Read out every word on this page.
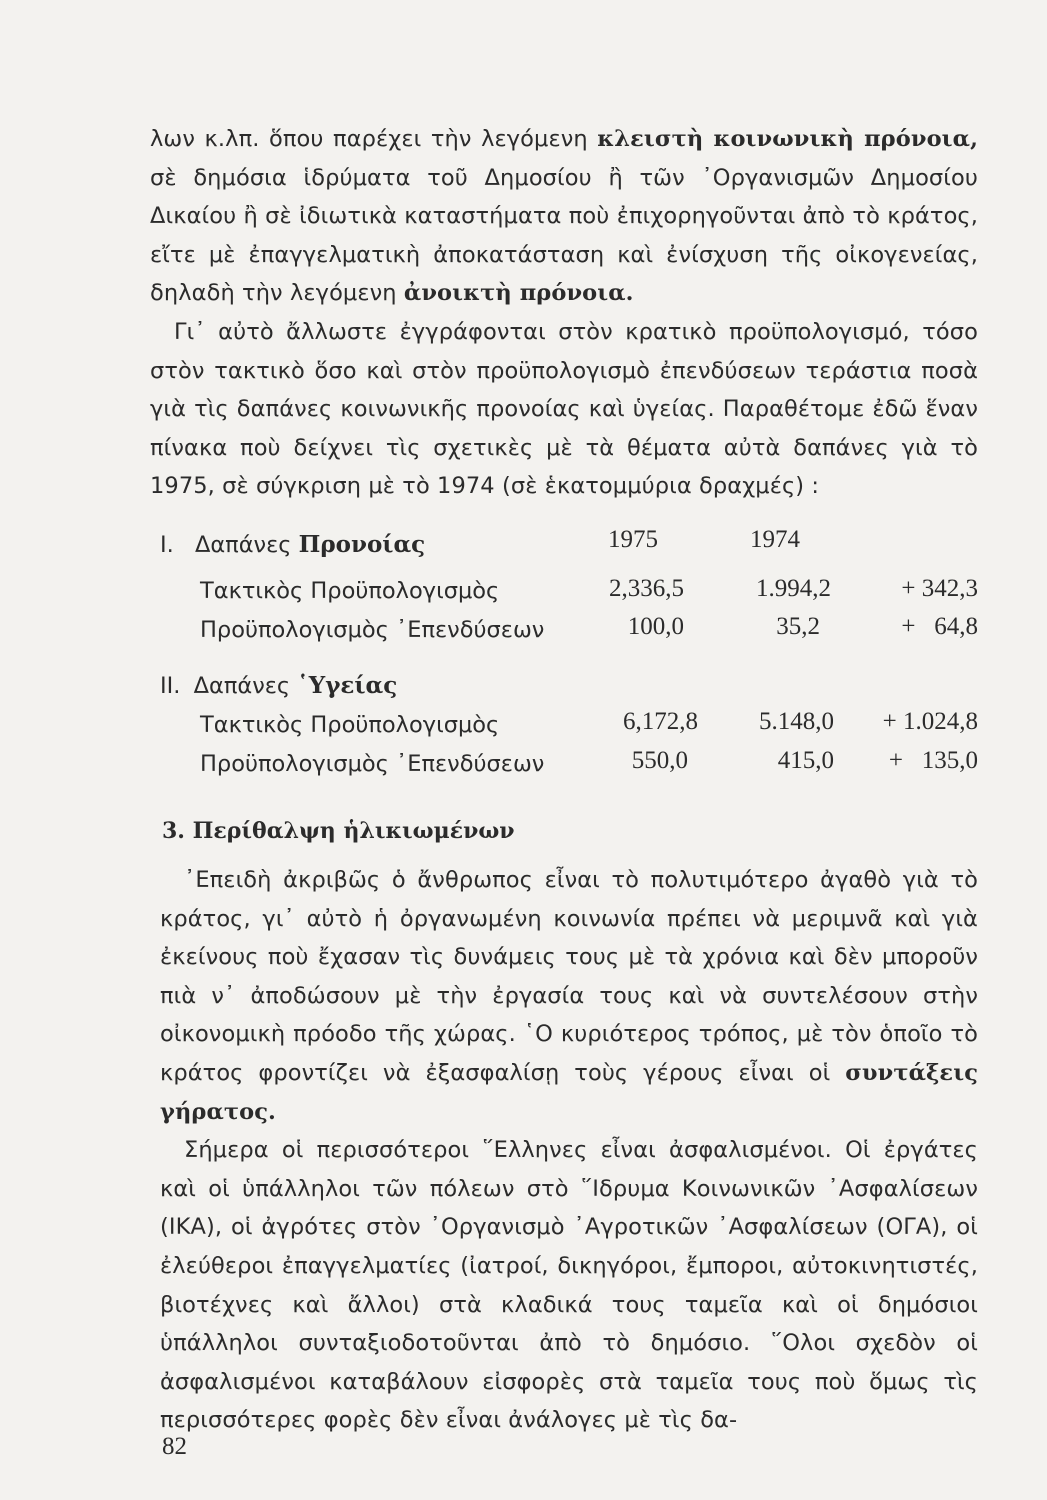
λων κ.λπ. ὅπου παρέχει τὴν λεγόμενη κλειστὴ κοινωνικὴ πρόνοια, σὲ δημόσια ἱδρύματα τοῦ Δημοσίου ἢ τῶν ᾿Οργανισμῶν Δημοσίου Δικαίου ἢ σὲ ἰδιωτικὰ καταστήματα ποὺ ἐπιχορηγοῦνται ἀπὸ τὸ κράτος, εἴτε μὲ ἐπαγγελματικὴ ἀποκατάσταση καὶ ἐνίσχυση τῆς οἰκογενείας, δηλαδὴ τὴν λεγόμενη ἀνοικτὴ πρόνοια.

Γι᾿ αὐτὸ ἄλλωστε ἐγγράφονται στὸν κρατικὸ προϋπολογισμό, τόσο στὸν τακτικὸ ὅσο καὶ στὸν προϋπολογισμὸ ἐπενδύσεων τεράστια ποσὰ γιὰ τὶς δαπάνες κοινωνικῆς προνοίας καὶ ὑγείας. Παραθέτομε ἐδῶ ἕναν πίνακα ποὺ δείχνει τὶς σχετικὲς μὲ τὰ θέματα αὐτὰ δαπάνες γιὰ τὸ 1975, σὲ σύγκριση μὲ τὸ 1974 (σὲ ἑκατομμύρια δραχμές) :

I. Δαπάνες Προνοίας	1975	1974
Τακτικὸς Προϋπολογισμὸς	2,336,5	1.994,2	+ 342,3
Προϋπολογισμὸς ᾿Επενδύσεων	100,0	35,2	+   64,8
II. Δαπάνες ῾Υγείας
Τακτικὸς Προϋπολογισμὸς	6,172,8	5.148,0	+ 1.024,8
Προϋπολογισμὸς ᾿Επενδύσεων	550,0	415,0	+   135,0
3. Περίθαλψη ἡλικιωμένων

᾿Επειδὴ ἀκριβῶς ὁ ἄνθρωπος εἶναι τὸ πολυτιμότερο ἀγαθὸ γιὰ τὸ κράτος, γι᾿ αὐτὸ ἡ ὀργανωμένη κοινωνία πρέπει νὰ μεριμνᾶ καὶ γιὰ ἐκείνους ποὺ ἔχασαν τὶς δυνάμεις τους μὲ τὰ χρόνια καὶ δὲν μποροῦν πιὰ ν᾿ ἀποδώσουν μὲ τὴν ἐργασία τους καὶ νὰ συντελέσουν στὴν οἰκονομικὴ πρόοδο τῆς χώρας. ῾Ο κυριότερος τρόπος, μὲ τὸν ὁποῖο τὸ κράτος φροντίζει νὰ ἐξασφαλίσῃ τοὺς γέρους εἶναι οἱ συντάξεις γήρατος.

Σήμερα οἱ περισσότεροι ῞Ελληνες εἶναι ἀσφαλισμένοι. Οἱ ἐργάτες καὶ οἱ ὑπάλληλοι τῶν πόλεων στὸ ῞Ιδρυμα Κοινωνικῶν ᾿Ασφαλίσεων (ΙΚΑ), οἱ ἀγρότες στὸν ᾿Οργανισμὸ ᾿Αγροτικῶν ᾿Ασφαλίσεων (ΟΓΑ), οἱ ἐλεύθεροι ἐπαγγελματίες (ἰατροί, δικηγόροι, ἔμποροι, αὐτοκινητιστές, βιοτέχνες καὶ ἄλλοι) στὰ κλαδικά τους ταμεῖα καὶ οἱ δημόσιοι ὑπάλληλοι συνταξιοδοτοῦνται ἀπὸ τὸ δημόσιο. ῞Ολοι σχεδὸν οἱ ἀσφαλισμένοι καταβάλουν εἰσφορὲς στὰ ταμεῖα τους ποὺ ὅμως τὶς περισσότερες φορὲς δὲν εἶναι ἀνάλογες μὲ τὶς δα-

82
